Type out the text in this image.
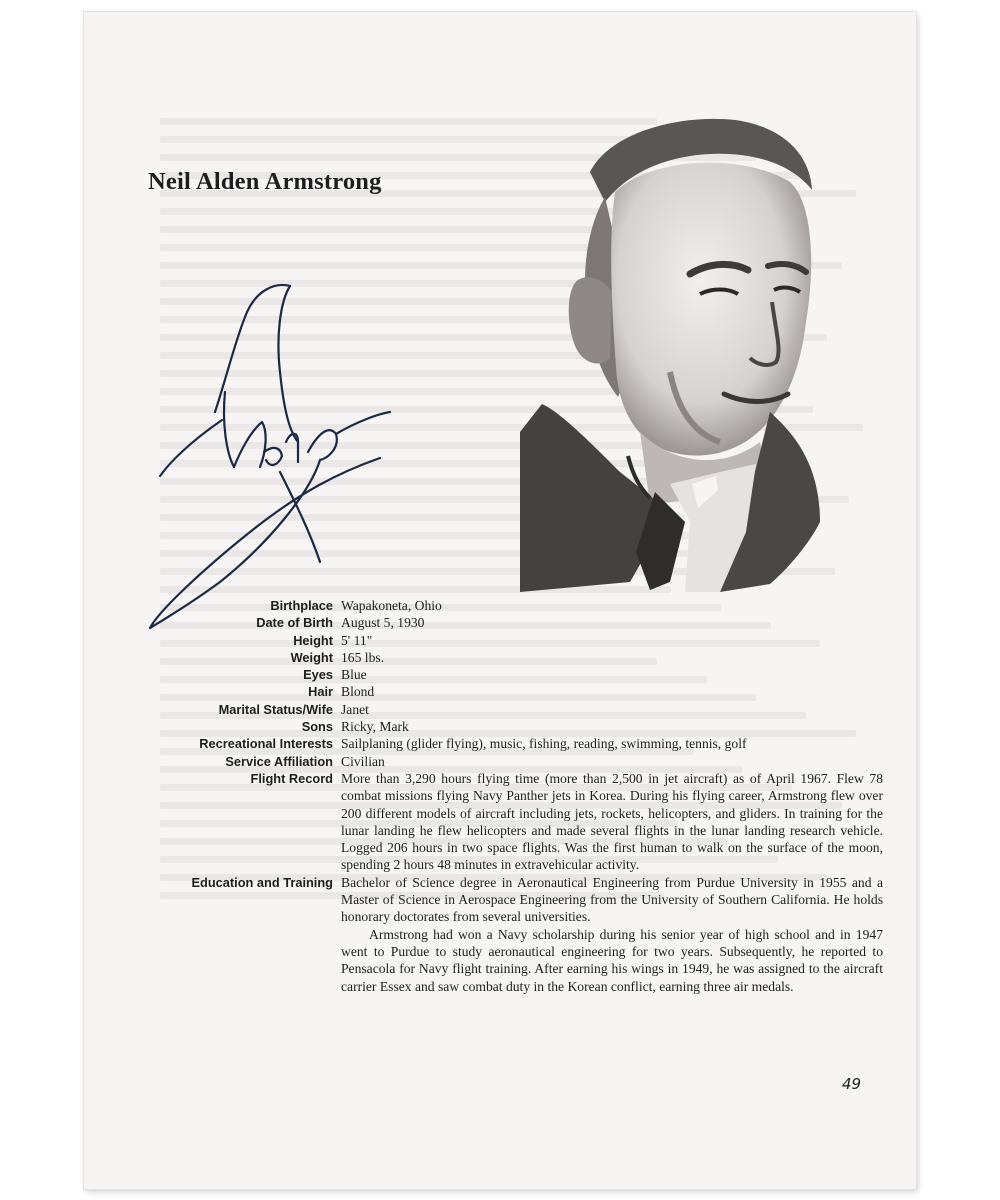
Neil Alden Armstrong
Birthplace Wapakoneta, Ohio
Date of Birth August 5, 1930
Height 5' 11"
Weight 165 lbs.
Eyes Blue
Hair Blond
Marital Status/Wife Janet
Sons Ricky, Mark
Recreational Interests Sailplaning (glider flying), music, fishing, reading, swimming, tennis, golf
Service Affiliation Civilian
Flight Record More than 3,290 hours flying time (more than 2,500 in jet aircraft) as of April 1967. Flew 78 combat missions flying Navy Panther jets in Korea. During his flying career, Armstrong flew over 200 different models of aircraft including jets, rockets, helicopters, and gliders. In training for the lunar landing he flew helicopters and made several flights in the lunar landing research vehicle. Logged 206 hours in two space flights. Was the first human to walk on the surface of the moon, spending 2 hours 48 minutes in extravehicular activity.
Education and Training Bachelor of Science degree in Aeronautical Engineering from Purdue University in 1955 and a Master of Science in Aerospace Engineering from the University of Southern California. He holds honorary doctorates from several universities.

Armstrong had won a Navy scholarship during his senior year of high school and in 1947 went to Purdue to study aeronautical engineering for two years. Subsequently, he reported to Pensacola for Navy flight training. After earning his wings in 1949, he was assigned to the aircraft carrier Essex and saw combat duty in the Korean conflict, earning three air medals.

49
